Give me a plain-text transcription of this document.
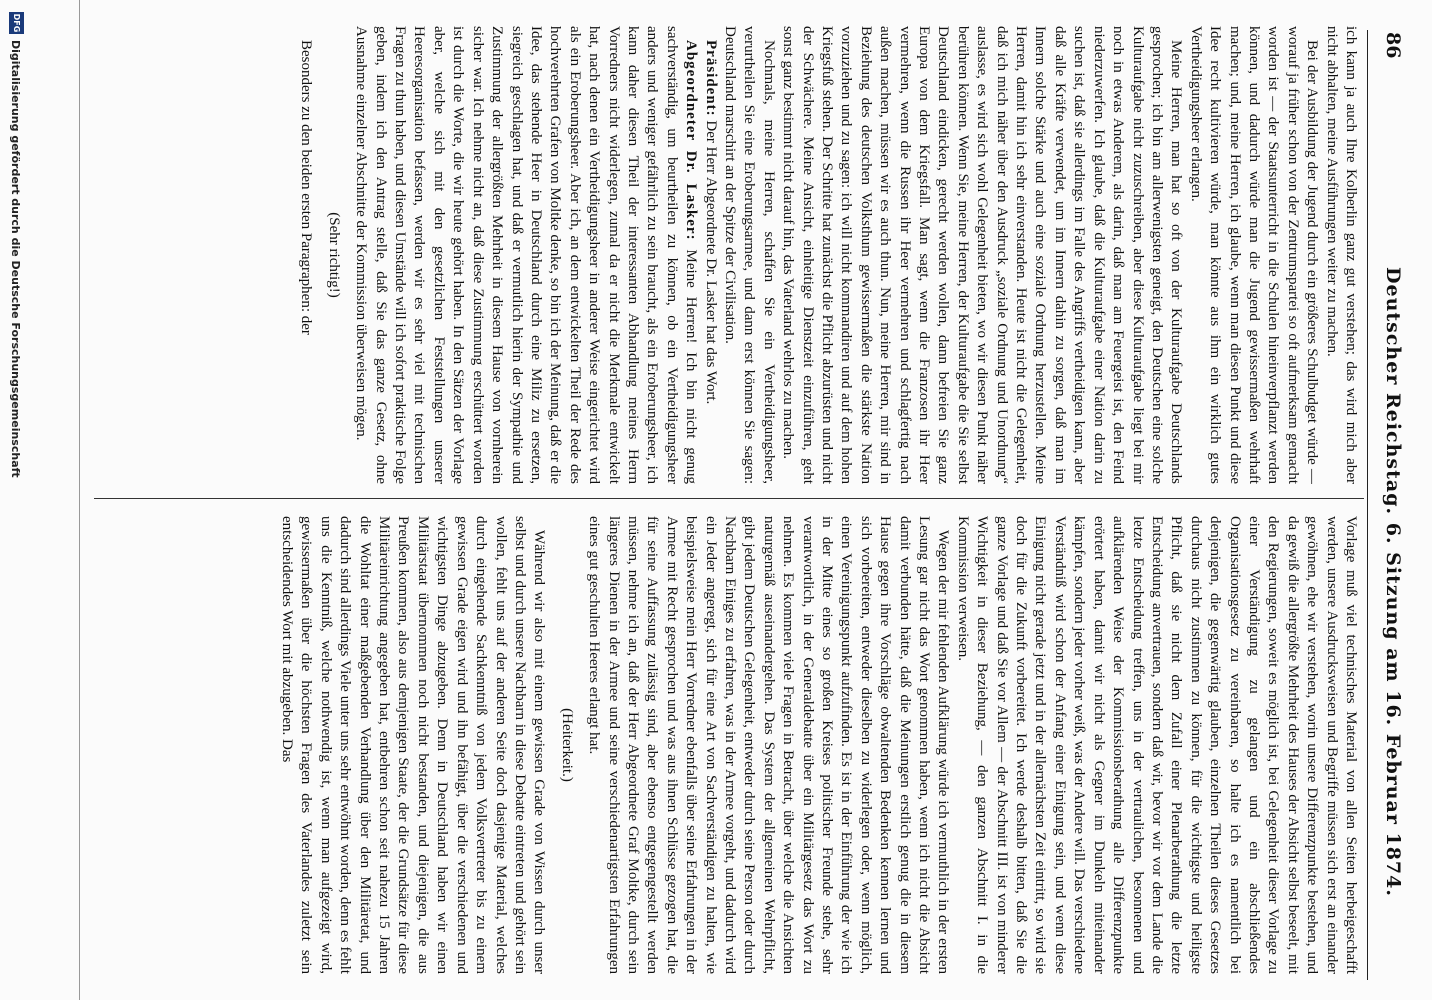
86
Deutscher Reichstag. 6. Sitzung am 16. Februar 1874.

ich kann ja auch Ihre Kolberlin ganz gut verstehen; das wird mich aber nicht abhalten, meine Ausführungen weiter zu machen.

Bei der Ausbildung der Jugend durch ein größeres Schulbudget würde — worauf ja früher schon von der Zentrumspartei so oft aufmerksam gemacht worden ist — der Staatsunterricht in die Schulen hineinverpflanzt werden können, und dadurch würde man die Jugend gewissermaßen wehrhaft machen; und, meine Herren, ich glaube, wenn man diesen Punkt und diese Idee recht kultivieren würde, man könnte aus ihm ein wirklich gutes Vertheidigungsheer erlangen.

Meine Herren, man hat so oft von der Kulturaufgabe Deutschlands gesprochen; ich bin am allerwenigsten geneigt, den Deutschen eine solche Kulturaufgabe nicht zuzuschreiben, aber diese Kulturaufgabe liegt bei mir noch in etwas Anderem, als darin, daß man am Feuergeist ist, den Feind niederzuwerfen. Ich glaube, daß die Kulturaufgabe einer Nation darin zu suchen ist, daß sie allerdings im Falle des Angriffs vertheidigen kann, aber daß alle Kräfte verwendet, um im Innern dahin zu sorgen, daß man im Innern solche Stärke und auch eine soziale Ordnung herzustellen. Meine Herren, damit hin ich sehr einverstanden. Heute ist nicht die Gelegenheit, daß ich mich näher über den Ausdruck „soziale Ordnung und Unordnung“ auslasse, es wird sich wohl Gelegenheit bieten, wo wir diesen Punkt näher berühren können. Wenn Sie, meine Herren, der Kulturaufgabe die Sie selbst Deutschland eindicken, gerecht werden wollen, dann befreien Sie ganz Europa von dem Kriegsfall. Man sagt, wenn die Franzosen ihr Heer vermehren, wenn die Russen ihr Heer vermehren und schlagfertig nach außen machen, müssen wir es auch thun. Nun, meine Herren, mir sind in Beziehung des deutschen Volksthum gewissermaßen die stärkste Nation vorzuziehen und zu sagen: ich will nicht kommandiren und auf dem hohen Kriegsfuß stehen. Der Schritte hat zunächst die Pflicht abzurüsten und nicht der Schwächere. Meine Ansicht, einheitige Dienstzeit einzuführen, geht sonst ganz bestimmt nicht darauf hin, das Vaterland wehrlos zu machen.

Nochmals, meine Herren, schaffen Sie ein Vertheidigungsheer, verurtheilen Sie eine Eroberungsarmee, und dann erst können Sie sagen: Deutschland marschirt an der Spitze der Civilisation.

Präsident: Der Herr Abgeordnete Dr. Lasker hat das Wort.

Abgeordneter Dr. Lasker: Meine Herren! Ich bin nicht genug sachverständig, um beurtheilen zu können, ob ein Vertheidigungsheer anders und weniger gefährlich zu sein braucht, als ein Eroberungsheer, ich kann daher diesen Theil der interessanten Abhandlung meines Herrn Vorredners nicht widerlegen, zumal da er nicht die Merkmale entwickelt hat, nach denen ein Vertheidigungsheer in anderer Weise eingerichtet wird als ein Eroberungsheer. Aber ich, an dem entwickelten Theil der Rede des hochverehrten Grafen von Moltke denke, so bin ich der Meinung, daß er die Idee, das stehende Heer in Deutschland durch eine Miliz zu ersetzen, siegreich geschlagen hat, und daß er vermutlich hierin der Sympathie und Zustimmung der allergrößten Mehrheit in diesem Hause von vornherein sicher war. Ich nehme nicht an, daß diese Zustimmung erschüttert worden ist durch die Worte, die wir heute gehört haben. In den Sätzen der Vorlage aber, welche sich mit den gesetzlichen Feststellungen unserer Heeresorganisation befassen, werden wir es sehr viel mit technischen Fragen zu thun haben, und diesen Umstände will ich sofort praktische Folge geben, indem ich den Antrag stelle, daß Sie das ganze Gesetz, ohne Ausnahme einzelner Abschnitte der Kommission überweisen mögen.

(Sehr richtig!)

Besonders zu den beiden ersten Paragraphen: der

Vorlage muß viel technisches Material von allen Seiten herbeigeschafft werden, unsere Ausdrucksweisen und Begriffe müssen sich erst an einander gewöhnen, ehe wir verstehen, worin unsere Differenzpunkte bestehen, und da gewiß die allergrößte Mehrheit des Hauses der Absicht selbst beseelt, mit den Regierungen, soweit es möglich ist, bei Gelegenheit dieser Vorlage zu einer Verständigung zu gelangen und ein abschließendes Organisationsgesetz zu vereinbaren, so halte ich es namentlich bei denjenigen, die gegenwärtig glauben, einzelnen Theilen dieses Gesetzes durchaus nicht zustimmen zu können, für die wichtigste und heiligste Pflicht, daß sie nicht dem Zufall einer Plenarberathung die letzte Entscheidung anvertrauen, sondern daß wir, bevor wir vor dem Lande die letzte Entscheidung treffen, uns in der vertraulichen, besonnenen und aufklärenden Weise der Kommissionsberathung alle Differenzpunkte erörtert haben, damit wir nicht als Gegner im Dunkeln miteinander kämpfen, sondern jeder vorher weiß, was der Andere will. Das verschiedene Verständniß wird schon der Anfang einer Einigung sein, und wenn diese Einigung nicht gerade jetzt und in der allernächsten Zeit eintritt, so wird sie doch für die Zukunft vorbereitet. Ich werde deshalb bitten, daß Sie die ganze Vorlage und daß Sie vor Allem — der Abschnitt III. ist von minderer Wichtigkeit in dieser Beziehung, — den ganzen Abschnitt I. in die Kommission verweisen.

Wegen der mir fehlenden Aufklärung würde ich vermuthlich in der ersten Lesung gar nicht das Wort genommen haben, wenn ich nicht die Absicht damit verbunden hätte, daß die Meinungen erstlich genug die in diesem Hause gegen ihre Vorschläge obwaltenden Bedenken kennen lernen und sich vorbereiten, entweder dieselben zu widerlegen oder, wenn möglich, einen Vereinigungspunkt aufzufinden. Es ist in der Einführung der wie ich in der Mitte eines so großen Kreises politischer Freunde stehe, sehr verantwortlich, in der Generaldebatte über ein Militärgesetz das Wort zu nehmen. Es kommen viele Fragen in Betracht, über welche die Ansichten naturgemäß auseinandergehen. Das System der allgemeinen Wehrpflicht, gibt jedem Deutschen Gelegenheit, entweder durch seine Person oder durch Nachbarn Einiges zu erfahren, was in der Armee vorgeht, und dadurch wird ein Jeder angeregt, sich für eine Art von Sachverständigen zu halten, wie beispielsweise mein Herr Vorredner ebenfalls über seine Erfahrungen in der Armee mit Recht gesprochen und was aus ihnen Schlüsse gezogen hat, die für seine Auffassung zulässig sind, aber ebenso entgegengestellt werden müssen, nehme ich an, daß der Herr Abgeordnete Graf Moltke, durch sein längeres Dienen in der Armee und seine verschiedenartigsten Erfahrungen eines gut geschulten Heeres erlangt hat.

(Heiterkeit.)

Während wir also mit einem gewissen Grade von Wissen durch unser selbst und durch unsere Nachbarn in diese Debatte eintreten und gehört sein wollen, fehlt uns auf der anderen Seite doch dasjenige Material, welches durch eingehende Sachkenntniß von jedem Volksvertreter bis zu einem gewissen Grade eigen wird und ihn befähigt, über die verschiedenen und wichtigsten Dinge abzugeben. Denn in Deutschland haben wir einen Militärstaat übernommen noch nicht bestanden, und diejenigen, die aus Preußen kommen, also aus demjenigen Staate, der die Grundsätze für diese Militäreinrichtung angegeben hat, entbehren schon seit nahezu 15 Jahren die Wohltat einer maßgebenden Verhandlung über den Militäretat, und dadurch sind allerdings Viele unter uns sehr entwöhnt worden, denn es fehlt uns die Kenntniß, welche nothwendig ist, wenn man aufgezeigt wird, gewissermaßen über die höchsten Fragen des Vaterlandes zuletzt sein entscheidendes Wort mit abzugeben. Das

DFG
Digitalisierung gefördert durch die Deutsche Forschungsgemeinschaft
